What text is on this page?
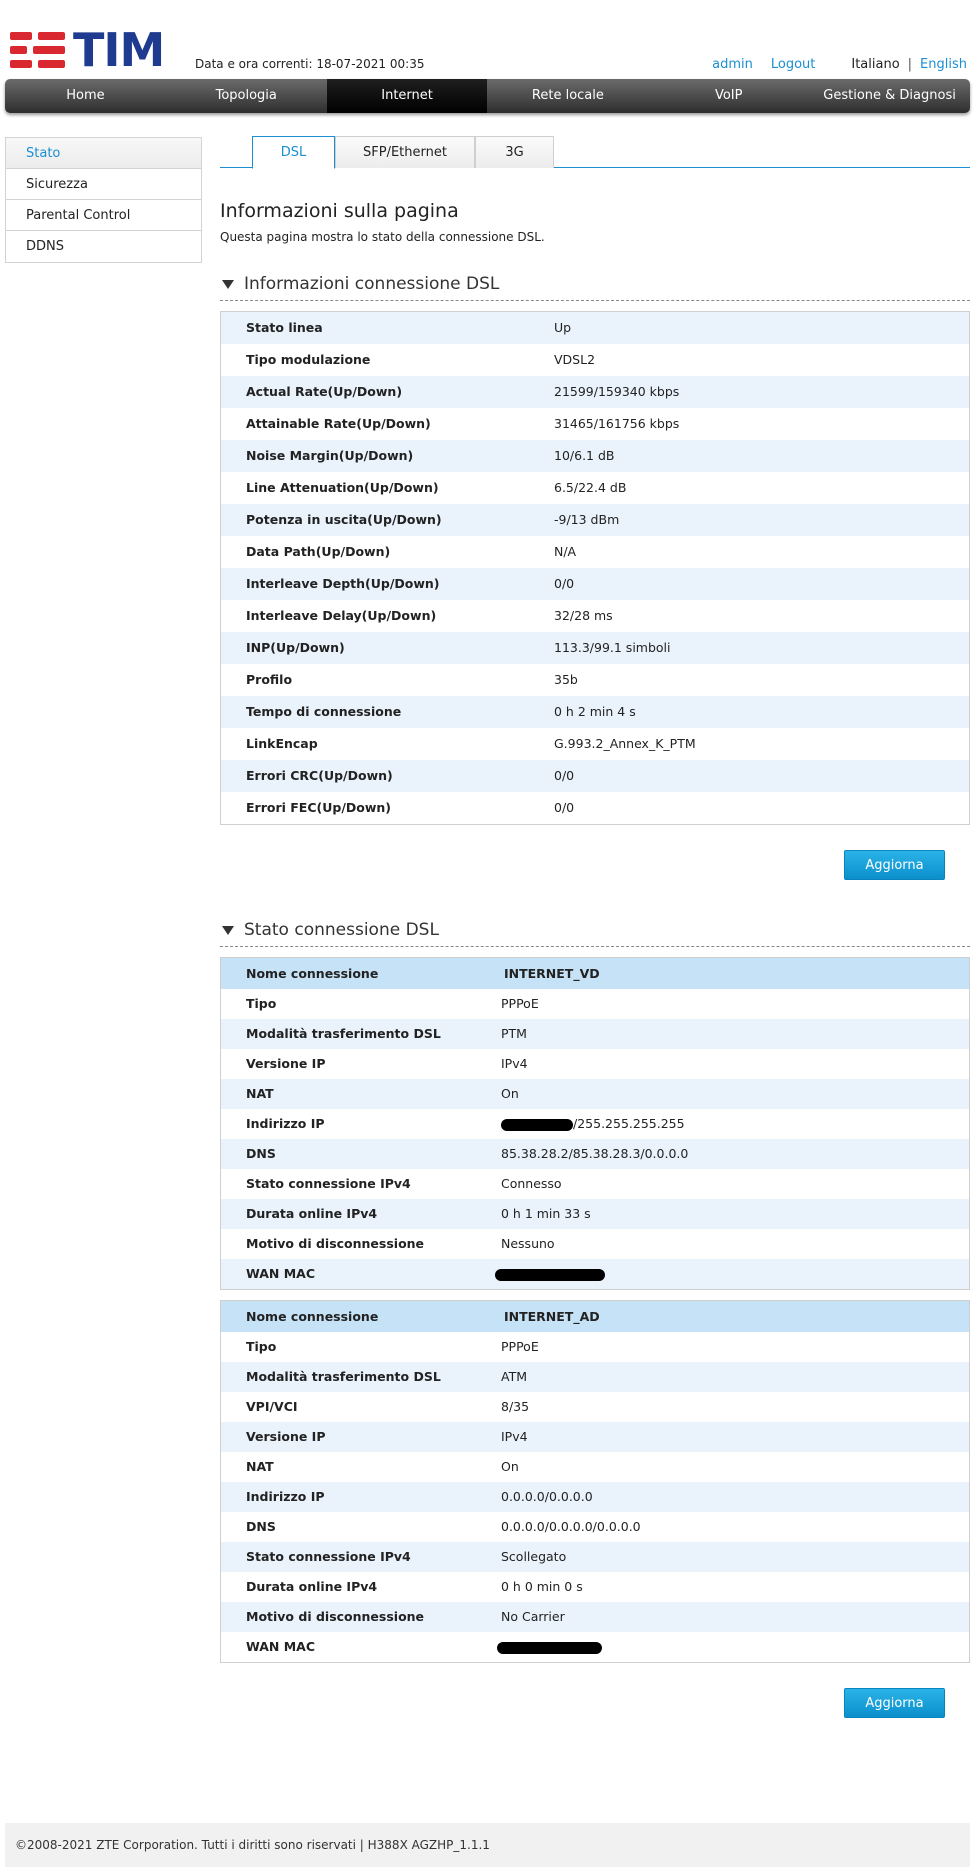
TIM	Data e ora correnti: 18-07-2021 00:35	admin Logout	Italiano | English
Home	Topologia	Internet	Rete locale	VoIP	Gestione & Diagnosi
Stato
Sicurezza
Parental Control
DDNS
DSL	SFP/Ethernet	3G
Informazioni sulla pagina
Questa pagina mostra lo stato della connessione DSL.
Informazioni connessione DSL
Stato linea	Up
Tipo modulazione	VDSL2
Actual Rate(Up/Down)	21599/159340 kbps
Attainable Rate(Up/Down)	31465/161756 kbps
Noise Margin(Up/Down)	10/6.1 dB
Line Attenuation(Up/Down)	6.5/22.4 dB
Potenza in uscita(Up/Down)	-9/13 dBm
Data Path(Up/Down)	N/A
Interleave Depth(Up/Down)	0/0
Interleave Delay(Up/Down)	32/28 ms
INP(Up/Down)	113.3/99.1 simboli
Profilo	35b
Tempo di connessione	0 h 2 min 4 s
LinkEncap	G.993.2_Annex_K_PTM
Errori CRC(Up/Down)	0/0
Errori FEC(Up/Down)	0/0
Aggiorna
Stato connessione DSL
Nome connessione	INTERNET_VD
Tipo	PPPoE
Modalità trasferimento DSL	PTM
Versione IP	IPv4
NAT	On
Indirizzo IP	/255.255.255.255
DNS	85.38.28.2/85.38.28.3/0.0.0.0
Stato connessione IPv4	Connesso
Durata online IPv4	0 h 1 min 33 s
Motivo di disconnessione	Nessuno
WAN MAC
Nome connessione	INTERNET_AD
Tipo	PPPoE
Modalità trasferimento DSL	ATM
VPI/VCI	8/35
Versione IP	IPv4
NAT	On
Indirizzo IP	0.0.0.0/0.0.0.0
DNS	0.0.0.0/0.0.0.0/0.0.0.0
Stato connessione IPv4	Scollegato
Durata online IPv4	0 h 0 min 0 s
Motivo di disconnessione	No Carrier
WAN MAC
Aggiorna
©2008-2021 ZTE Corporation. Tutti i diritti sono riservati | H388X AGZHP_1.1.1
